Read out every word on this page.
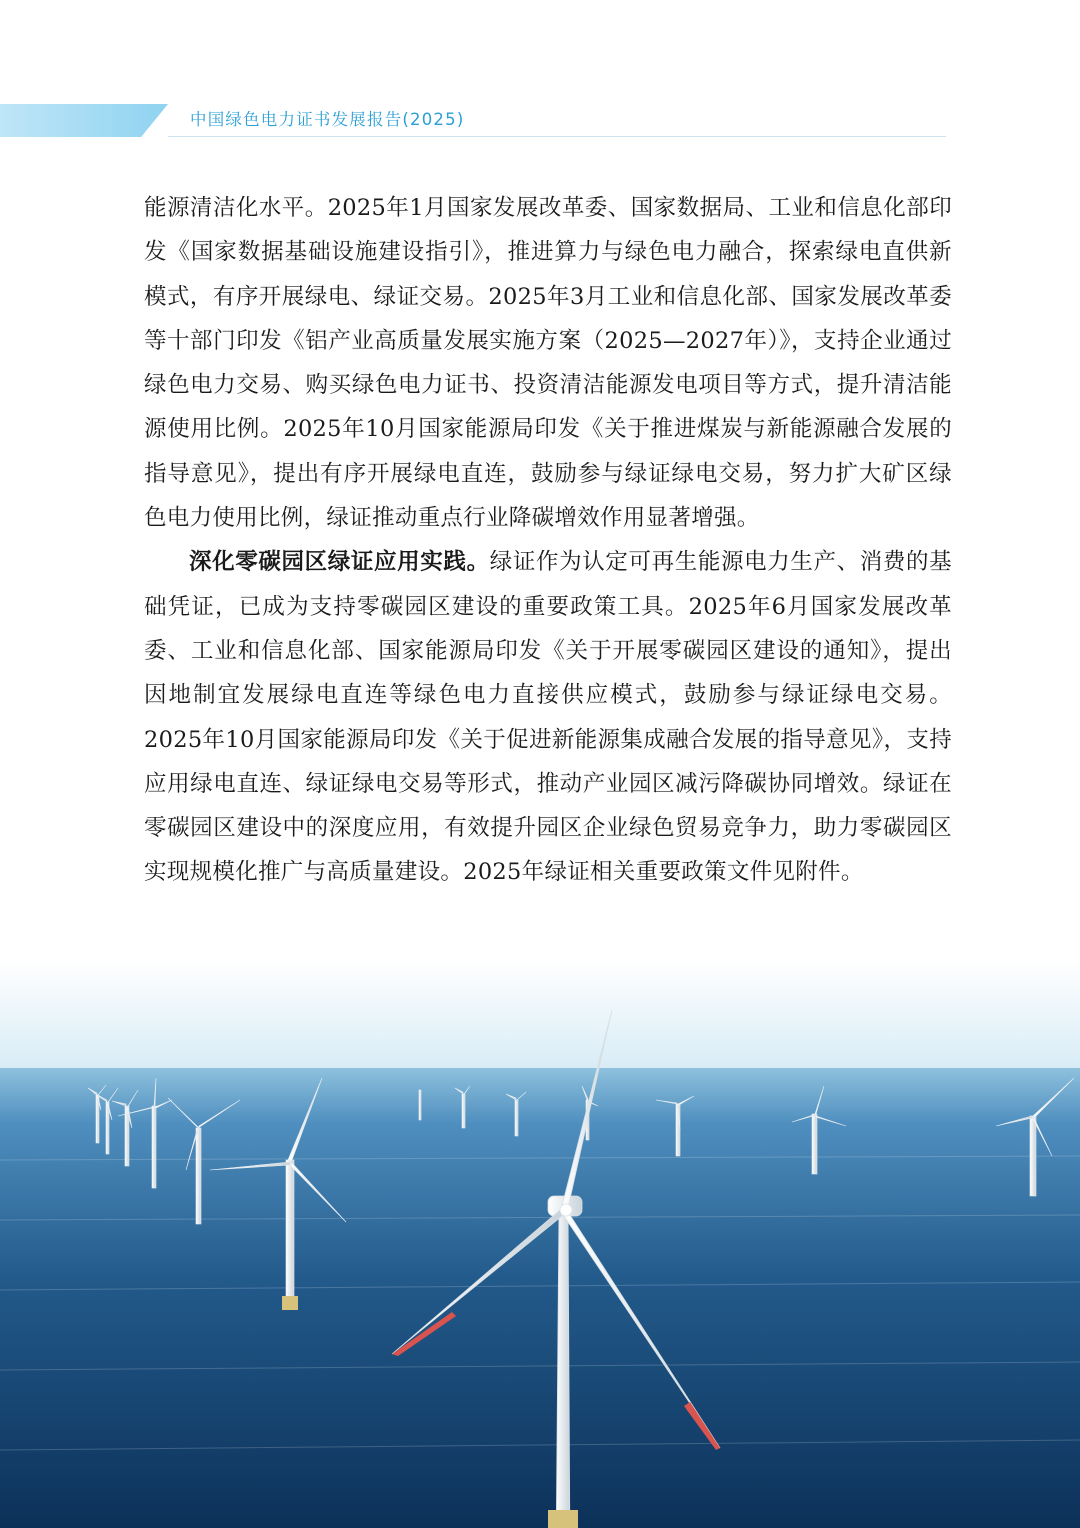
中国绿色电力证书发展报告(2025)

能源清洁化水平。2025年1月国家发展改革委、国家数据局、工业和信息化部印发《国家数据基础设施建设指引》，推进算力与绿色电力融合，探索绿电直供新模式，有序开展绿电、绿证交易。2025年3月工业和信息化部、国家发展改革委等十部门印发《铝产业高质量发展实施方案（2025—2027年）》，支持企业通过绿色电力交易、购买绿色电力证书、投资清洁能源发电项目等方式，提升清洁能源使用比例。2025年10月国家能源局印发《关于推进煤炭与新能源融合发展的指导意见》，提出有序开展绿电直连，鼓励参与绿证绿电交易，努力扩大矿区绿色电力使用比例，绿证推动重点行业降碳增效作用显著增强。

深化零碳园区绿证应用实践。绿证作为认定可再生能源电力生产、消费的基础凭证，已成为支持零碳园区建设的重要政策工具。2025年6月国家发展改革委、工业和信息化部、国家能源局印发《关于开展零碳园区建设的通知》，提出因地制宜发展绿电直连等绿色电力直接供应模式，鼓励参与绿证绿电交易。2025年10月国家能源局印发《关于促进新能源集成融合发展的指导意见》，支持应用绿电直连、绿证绿电交易等形式，推动产业园区减污降碳协同增效。绿证在零碳园区建设中的深度应用，有效提升园区企业绿色贸易竞争力，助力零碳园区实现规模化推广与高质量建设。2025年绿证相关重要政策文件见附件。
